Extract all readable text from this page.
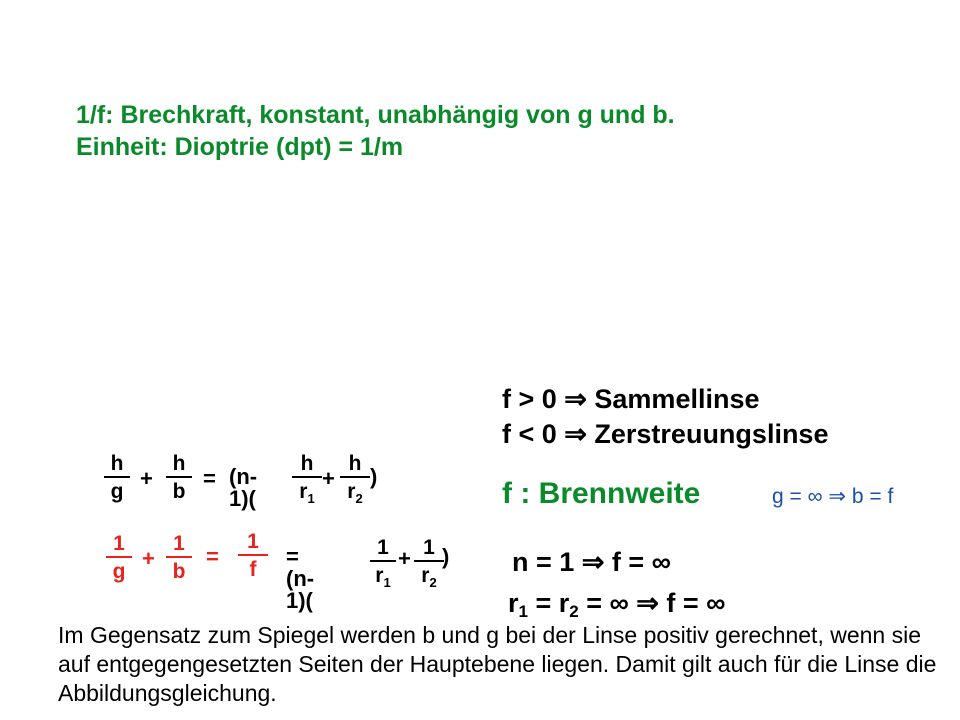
1/f: Brechkraft, konstant, unabhängig von g und b.
Einheit: Dioptrie (dpt) = 1/m
h
g
+
h
b
= (n-1)(
h
$r_1$
+
h
$r_2$
)
1
g
+
1
b
=
1
f
= (n-1)(
1
$r_1$
+ 1
$r_2$
)
f > 0 ⇒ Sammellinse
f < 0 ⇒ Zerstreuungslinse
f : Brennweite	g = ∞ ⇒ b = f
n = 1 ⇒ f = ∞
r1 = r2 = ∞ ⇒ f = ∞
Im Gegensatz zum Spiegel werden b und g bei der Linse positiv gerechnet, wenn sie auf entgegengesetzten Seiten der Hauptebene liegen. Damit gilt auch für die Linse die Abbildungsgleichung.
